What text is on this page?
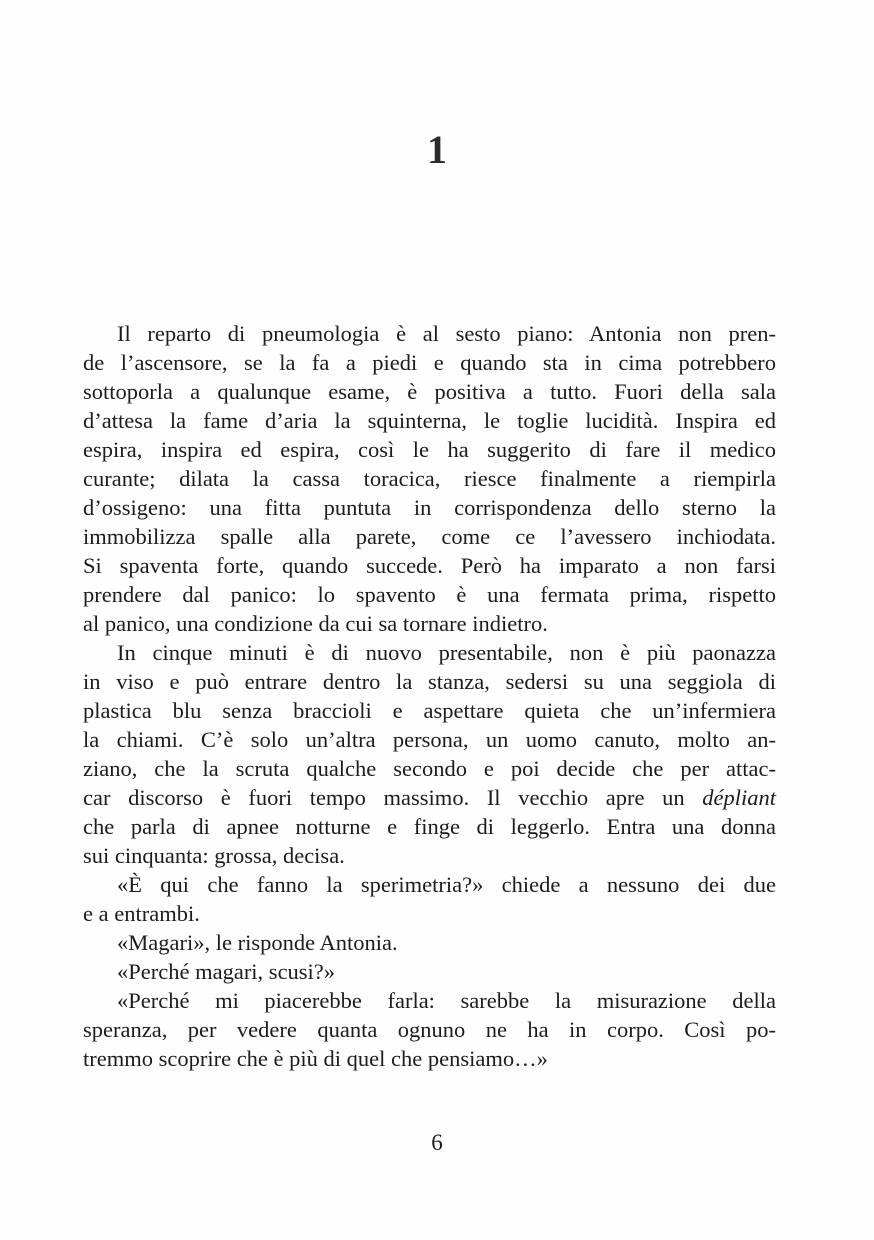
1
Il reparto di pneumologia è al sesto piano: Antonia non pren-
de l’ascensore, se la fa a piedi e quando sta in cima potrebbero
sottoporla a qualunque esame, è positiva a tutto. Fuori della sala
d’attesa la fame d’aria la squinterna, le toglie lucidità. Inspira ed
espira, inspira ed espira, così le ha suggerito di fare il medico
curante; dilata la cassa toracica, riesce finalmente a riempirla
d’ossigeno: una fitta puntuta in corrispondenza dello sterno la
immobilizza spalle alla parete, come ce l’avessero inchiodata.
Si spaventa forte, quando succede. Però ha imparato a non farsi
prendere dal panico: lo spavento è una fermata prima, rispetto
al panico, una condizione da cui sa tornare indietro.
In cinque minuti è di nuovo presentabile, non è più paonazza
in viso e può entrare dentro la stanza, sedersi su una seggiola di
plastica blu senza braccioli e aspettare quieta che un’infermiera
la chiami. C’è solo un’altra persona, un uomo canuto, molto an-
ziano, che la scruta qualche secondo e poi decide che per attac-
car discorso è fuori tempo massimo. Il vecchio apre un dépliant
che parla di apnee notturne e finge di leggerlo. Entra una donna
sui cinquanta: grossa, decisa.
«È qui che fanno la sperimetria?» chiede a nessuno dei due
e a entrambi.
«Magari», le risponde Antonia.
«Perché magari, scusi?»
«Perché mi piacerebbe farla: sarebbe la misurazione della
speranza, per vedere quanta ognuno ne ha in corpo. Così po-
tremmo scoprire che è più di quel che pensiamo…»
6
